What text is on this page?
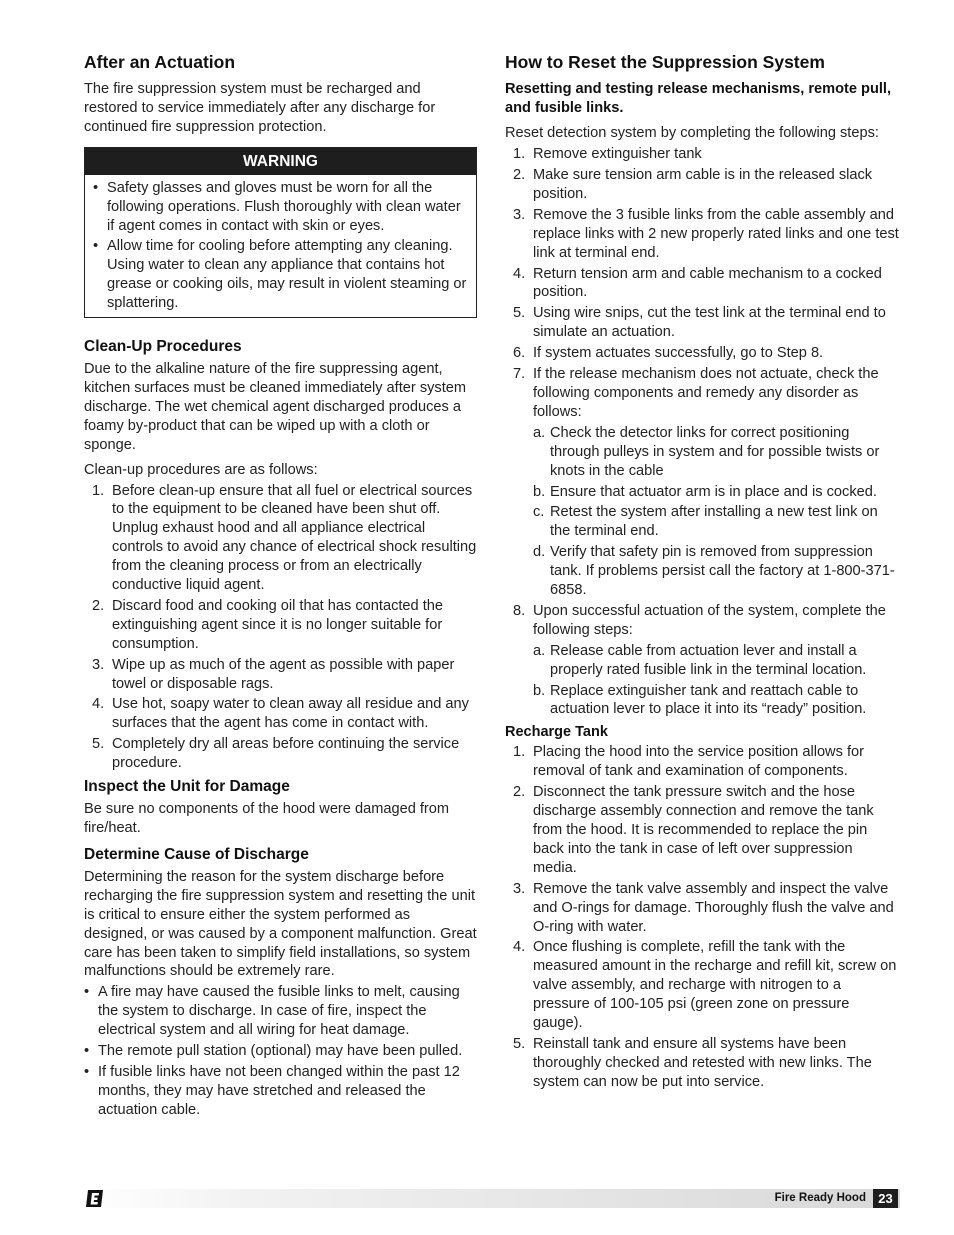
After an Actuation

The fire suppression system must be recharged and restored to service immediately after any discharge for continued fire suppression protection.

WARNING
• Safety glasses and gloves must be worn for all the following operations. Flush thoroughly with clean water if agent comes in contact with skin or eyes.
• Allow time for cooling before attempting any cleaning. Using water to clean any appliance that contains hot grease or cooking oils, may result in violent steaming or splattering.
Clean-Up Procedures

Due to the alkaline nature of the fire suppressing agent, kitchen surfaces must be cleaned immediately after system discharge. The wet chemical agent discharged produces a foamy by-product that can be wiped up with a cloth or sponge.

Clean-up procedures are as follows:

1. Before clean-up ensure that all fuel or electrical sources to the equipment to be cleaned have been shut off. Unplug exhaust hood and all appliance electrical controls to avoid any chance of electrical shock resulting from the cleaning process or from an electrically conductive liquid agent.
2. Discard food and cooking oil that has contacted the extinguishing agent since it is no longer suitable for consumption.
3. Wipe up as much of the agent as possible with paper towel or disposable rags.
4. Use hot, soapy water to clean away all residue and any surfaces that the agent has come in contact with.
5. Completely dry all areas before continuing the service procedure.
Inspect the Unit for Damage

Be sure no components of the hood were damaged from fire/heat.

Determine Cause of Discharge

Determining the reason for the system discharge before recharging the fire suppression system and resetting the unit is critical to ensure either the system performed as designed, or was caused by a component malfunction. Great care has been taken to simplify field installations, so system malfunctions should be extremely rare.

• A fire may have caused the fusible links to melt, causing the system to discharge. In case of fire, inspect the electrical system and all wiring for heat damage.
• The remote pull station (optional) may have been pulled.
• If fusible links have not been changed within the past 12 months, they may have stretched and released the actuation cable.
How to Reset the Suppression System
Resetting and testing release mechanisms, remote pull, and fusible links.

Reset detection system by completing the following steps:

1. Remove extinguisher tank
2. Make sure tension arm cable is in the released slack position.
3. Remove the 3 fusible links from the cable assembly and replace links with 2 new properly rated links and one test link at terminal end.
4. Return tension arm and cable mechanism to a cocked position.
5. Using wire snips, cut the test link at the terminal end to simulate an actuation.
6. If system actuates successfully, go to Step 8.
7. If the release mechanism does not actuate, check the following components and remedy any disorder as follows:
a. Check the detector links for correct positioning through pulleys in system and for possible twists or knots in the cable
b. Ensure that actuator arm is in place and is cocked.
c. Retest the system after installing a new test link on the terminal end.
d. Verify that safety pin is removed from suppression tank. If problems persist call the factory at 1-800-371-6858.
8. Upon successful actuation of the system, complete the following steps:
a. Release cable from actuation lever and install a properly rated fusible link in the terminal location.
b. Replace extinguisher tank and reattach cable to actuation lever to place it into its “ready” position.
Recharge Tank
1. Placing the hood into the service position allows for removal of tank and examination of components.
2. Disconnect the tank pressure switch and the hose discharge assembly connection and remove the tank from the hood. It is recommended to replace the pin back into the tank in case of left over suppression media.
3. Remove the tank valve assembly and inspect the valve and O-rings for damage. Thoroughly flush the valve and O-ring with water.
4. Once flushing is complete, refill the tank with the measured amount in the recharge and refill kit, screw on valve assembly, and recharge with nitrogen to a pressure of 100-105 psi (green zone on pressure gauge).
5. Reinstall tank and ensure all systems have been thoroughly checked and retested with new links. The system can now be put into service.
Fire Ready Hood 23
